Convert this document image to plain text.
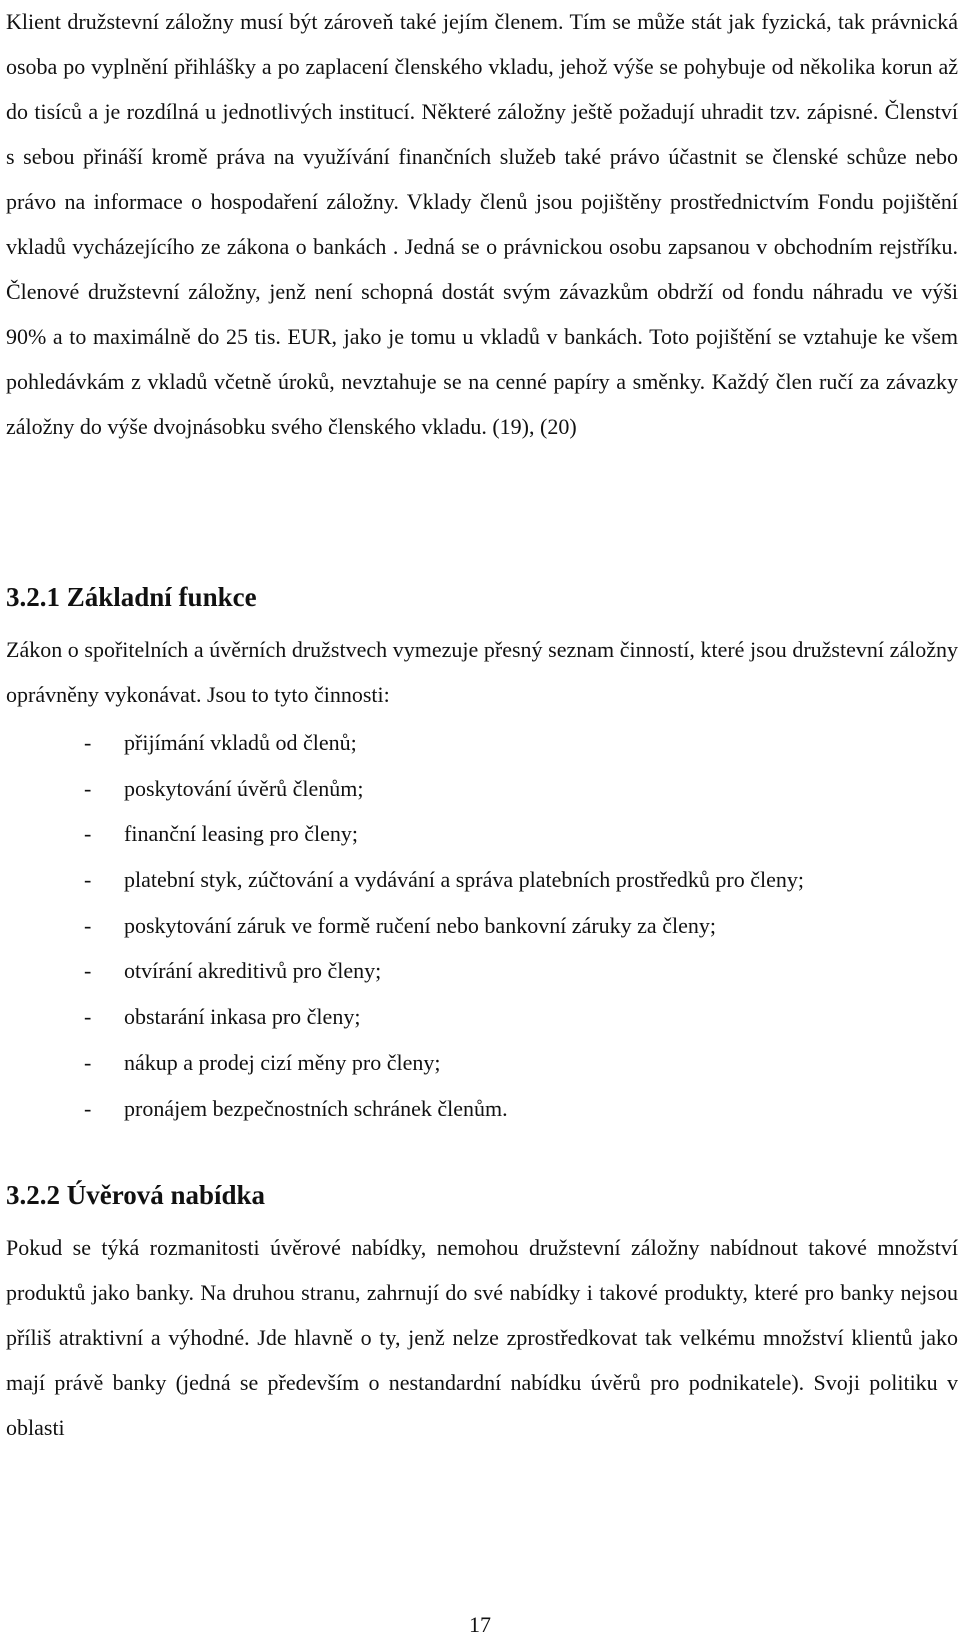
Klient družstevní záložny musí být zároveň také jejím členem. Tím se může stát jak fyzická, tak právnická osoba po vyplnění přihlášky a po zaplacení členského vkladu, jehož výše se pohybuje od několika korun až do tisíců a je rozdílná u jednotlivých institucí. Některé záložny ještě požadují uhradit tzv. zápisné. Členství s sebou přináší kromě práva na využívání finančních služeb také právo účastnit se členské schůze nebo právo na informace o hospodaření záložny. Vklady členů jsou pojištěny prostřednictvím Fondu pojištění vkladů vycházejícího ze zákona o bankách . Jedná se o právnickou osobu zapsanou v obchodním rejstříku. Členové družstevní záložny, jenž není schopná dostát svým závazkům obdrží od fondu náhradu ve výši 90% a to maximálně do 25 tis. EUR, jako je tomu u vkladů v bankách. Toto pojištění se vztahuje ke všem pohledávkám z vkladů včetně úroků, nevztahuje se na cenné papíry a směnky. Každý člen ručí za závazky záložny do výše dvojnásobku svého členského vkladu. (19), (20)

3.2.1 Základní funkce

Zákon o spořitelních a úvěrních družstvech vymezuje přesný seznam činností, které jsou družstevní záložny oprávněny vykonávat. Jsou to tyto činnosti:

- přijímání vkladů od členů;
- poskytování úvěrů členům;
- finanční leasing pro členy;
- platební styk, zúčtování a vydávání a správa platebních prostředků pro členy;
- poskytování záruk ve formě ručení nebo bankovní záruky za členy;
- otvírání akreditivů pro členy;
- obstarání inkasa pro členy;
- nákup a prodej cizí měny pro členy;
- pronájem bezpečnostních schránek členům.
3.2.2 Úvěrová nabídka

Pokud se týká rozmanitosti úvěrové nabídky, nemohou družstevní záložny nabídnout takové množství produktů jako banky. Na druhou stranu, zahrnují do své nabídky i takové produkty, které pro banky nejsou příliš atraktivní a výhodné. Jde hlavně o ty, jenž nelze zprostředkovat tak velkému množství klientů jako mají právě banky (jedná se především o nestandardní nabídku úvěrů pro podnikatele). Svoji politiku v oblasti

17
